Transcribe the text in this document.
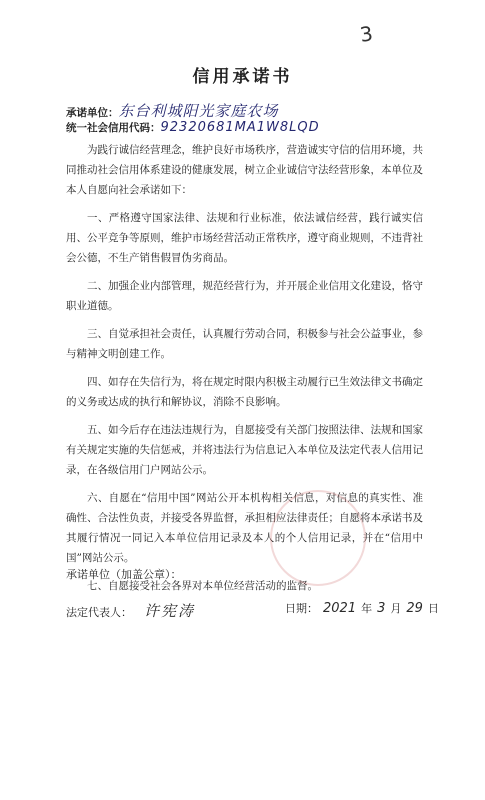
3
信用承诺书
承诺单位：东台利城阳光家庭农场
统一社会信用代码：92320681MA1W8LQD

为践行诚信经营理念，维护良好市场秩序，营造诚实守信的信用环境，共同推动社会信用体系建设的健康发展，树立企业诚信守法经营形象，本单位及本人自愿向社会承诺如下：

一、严格遵守国家法律、法规和行业标准，依法诚信经营，践行诚实信用、公平竞争等原则，维护市场经营活动正常秩序，遵守商业规则，不违背社会公德，不生产销售假冒伪劣商品。

二、加强企业内部管理，规范经营行为，并开展企业信用文化建设，恪守职业道德。

三、自觉承担社会责任，认真履行劳动合同，积极参与社会公益事业，参与精神文明创建工作。

四、如存在失信行为，将在规定时限内积极主动履行已生效法律文书确定的义务或达成的执行和解协议，消除不良影响。

五、如今后存在违法违规行为，自愿接受有关部门按照法律、法规和国家有关规定实施的失信惩戒，并将违法行为信息记入本单位及法定代表人信用记录，在各级信用门户网站公示。

六、自愿在“信用中国”网站公开本机构相关信息，对信息的真实性、准确性、合法性负责，并接受各界监督，承担相应法律责任；自愿将本承诺书及其履行情况一同记入本单位信用记录及本人的个人信用记录，并在“信用中国”网站公示。

七、自愿接受社会各界对本单位经营活动的监督。

承诺单位（加盖公章）：
法定代表人： 许宪涛	日期： 2021 年 3 月 29 日
